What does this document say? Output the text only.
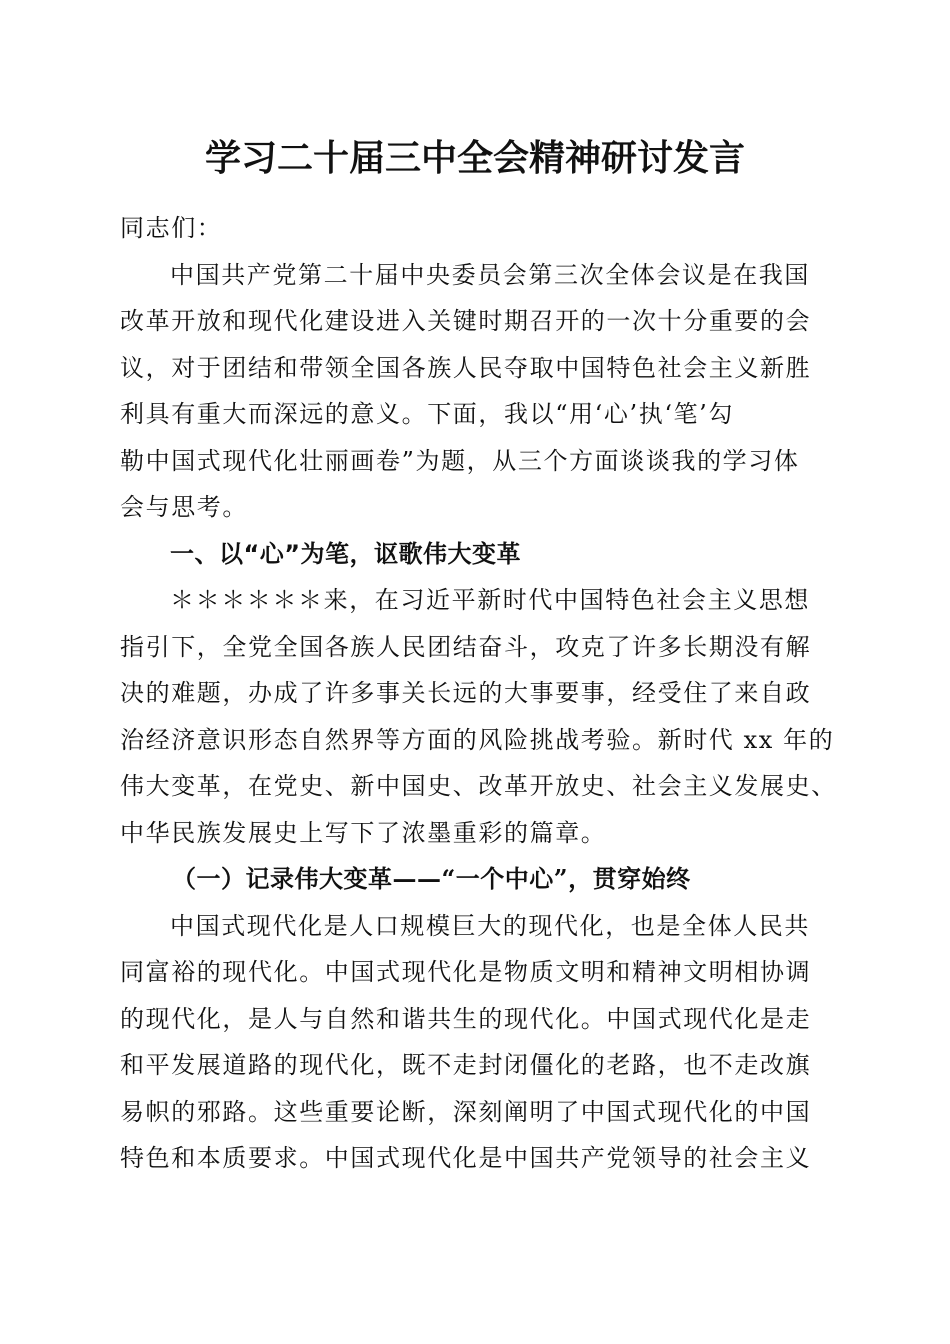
学习二十届三中全会精神研讨发言

同志们：

中国共产党第二十届中央委员会第三次全体会议是在我国

改革开放和现代化建设进入关键时期召开的一次十分重要的会

议，对于团结和带领全国各族人民夺取中国特色社会主义新胜

利具有重大而深远的意义。下面，我以“用‘心’执‘笔’勾

勒中国式现代化壮丽画卷”为题，从三个方面谈谈我的学习体

会与思考。

一、以“心”为笔，讴歌伟大变革

＊＊＊＊＊＊来，在习近平新时代中国特色社会主义思想

指引下，全党全国各族人民团结奋斗，攻克了许多长期没有解

决的难题，办成了许多事关长远的大事要事，经受住了来自政

治经济意识形态自然界等方面的风险挑战考验。新时代 xx 年的

伟大变革，在党史、新中国史、改革开放史、社会主义发展史、

中华民族发展史上写下了浓墨重彩的篇章。

（一）记录伟大变革——“一个中心”，贯穿始终

中国式现代化是人口规模巨大的现代化，也是全体人民共

同富裕的现代化。中国式现代化是物质文明和精神文明相协调

的现代化，是人与自然和谐共生的现代化。中国式现代化是走

和平发展道路的现代化，既不走封闭僵化的老路，也不走改旗

易帜的邪路。这些重要论断，深刻阐明了中国式现代化的中国

特色和本质要求。中国式现代化是中国共产党领导的社会主义
